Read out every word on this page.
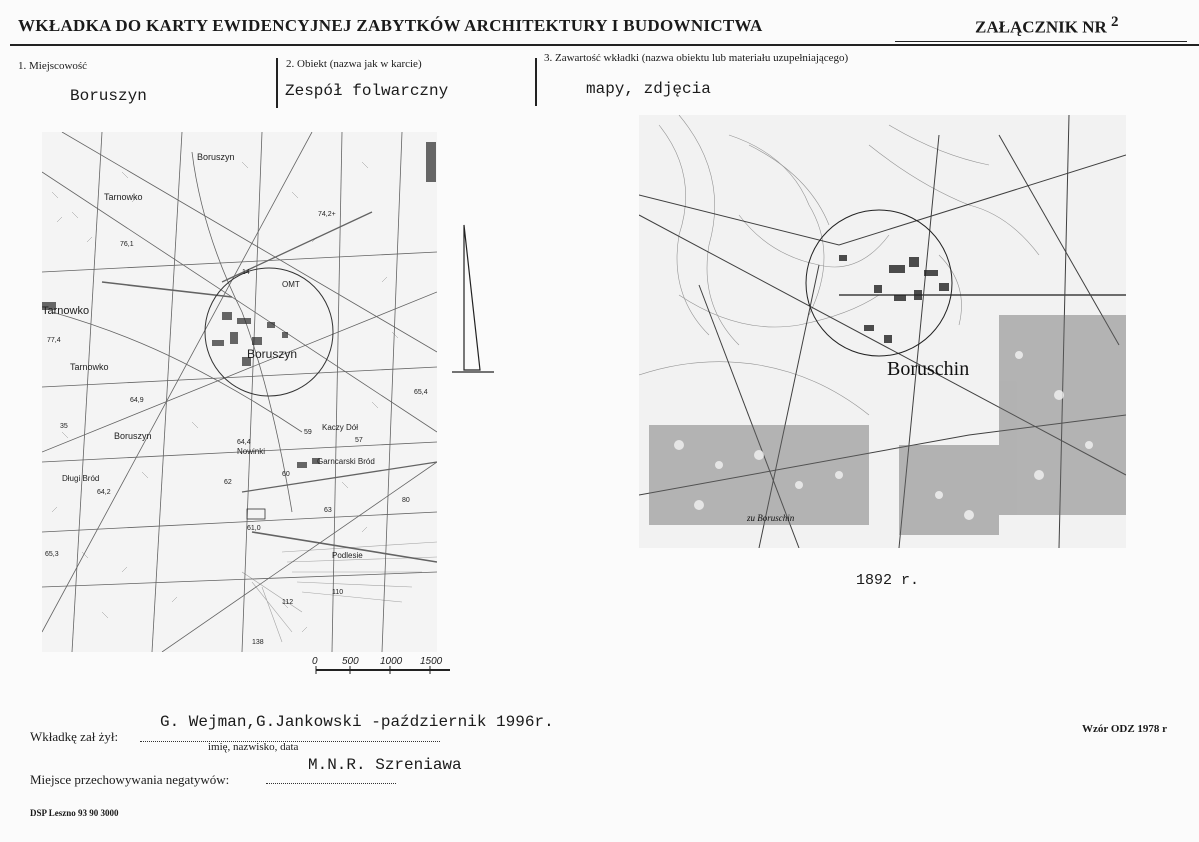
WKŁADKA DO KARTY EWIDENCYJNEJ ZABYTKÓW ARCHITEKTURY I BUDOWNICTWA	ZAŁĄCZNIK NR $^2$
1. Miejscowość
Boruszyn
2. Obiekt (nazwa jak w karcie)
Zespół folwarczny
3. Zawartość wkładki (nazwa obiektu lub materiału uzupełniającego)
mapy, zdjęcia
Boruszyn
Tarnowko
Tarnowko
Tarnowko
Boruszyn
Boruszyn
Kaczy Dół
Garncarski Bród
Długi Bród
Nowinki
Podlesie
OMT
74,2+
76,1
77,4
64,9
64,4
64,2
61,0
65,3
59
57
60
62
63
80
112
110
138
14
35
65,4
0 500 1000 1500
Boruschin
zu Boruschin
1892 r.
Wkładkę zał żył:
G. Wejman,G.Jankowski -październik 1996r.
imię, nazwisko, data
Miejsce przechowywania negatywów:
M.N.R. Szreniawa
Wzór ODZ 1978 r
DSP Leszno 93 90 3000
